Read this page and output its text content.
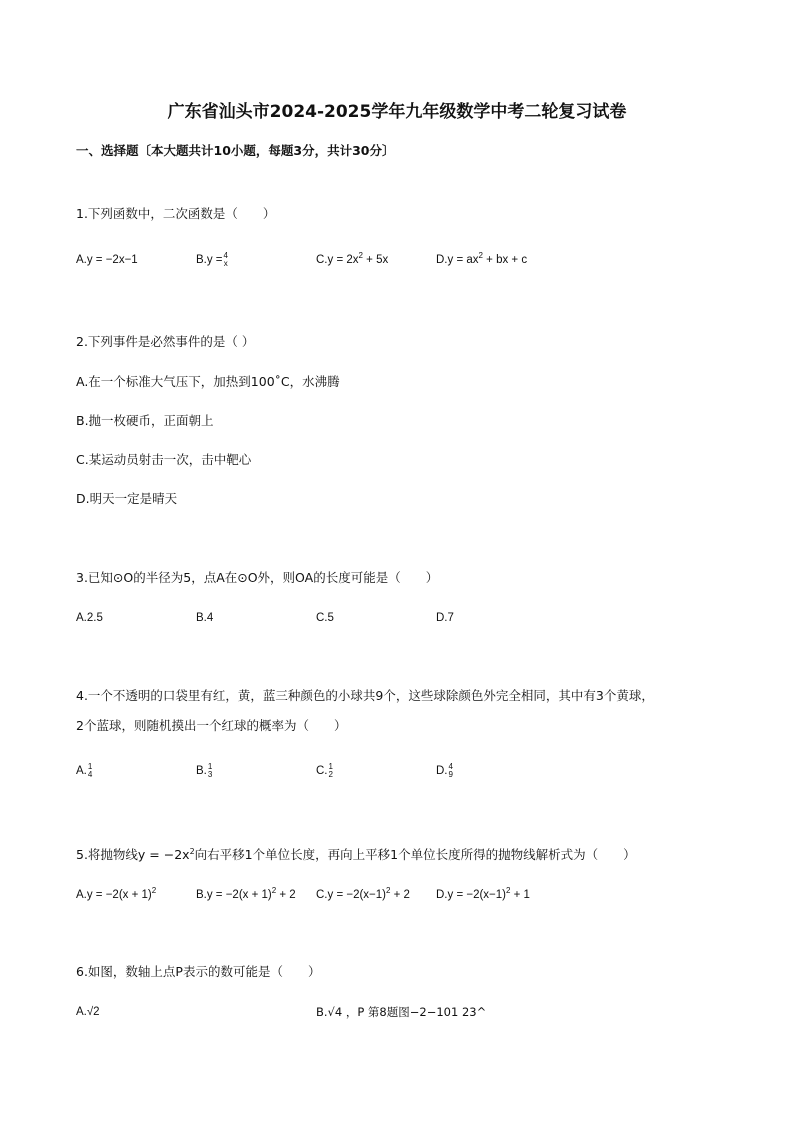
广东省汕头市2024-2025学年九年级数学中考二轮复习试卷

一、选择题〔本大题共计10小题，每题3分，共计30分〕

1.下列函数中，二次函数是（　　）

A.y = −2x−1	B.y = 4
x	$C.y = 2x^2 + 5x$	$D.y = ax^2$ + bx + c

2.下列事件是必然事件的是（ ）

A.在一个标准大气压下，加热到100˚C，水沸腾

B.抛一枚硬币，正面朝上

C.某运动员射击一次，击中靶心

D.明天一定是晴天

3.已知⊙O的半径为5，点A在⊙O外，则OA的长度可能是（　　）

A.2.5	B.4	C.5	D.7

4.一个不透明的口袋里有红，黄，蓝三种颜色的小球共9个，这些球除颜色外完全相同，其中有3个黄球，

2个蓝球，则随机摸出一个红球的概率为（　　）

A. 1
4	B. 1
3	C. 1
2	D. 4
9

5.将抛物线$y = -2x^2$向右平移1个单位长度，再向上平移1个单位长度所得的抛物线解析式为（　　）

$A.y = -2(x + 1)^2$	$B.y = -2(x + 1)^2 + 2$ $C.y = -2(x-1)^2 + 2$ $D.y = -2(x-1)^2 + 1$

6.如图，数轴上点P表示的数可能是（　　）

A.√2	B.√4 ，P 第8题图−2−101 23^
